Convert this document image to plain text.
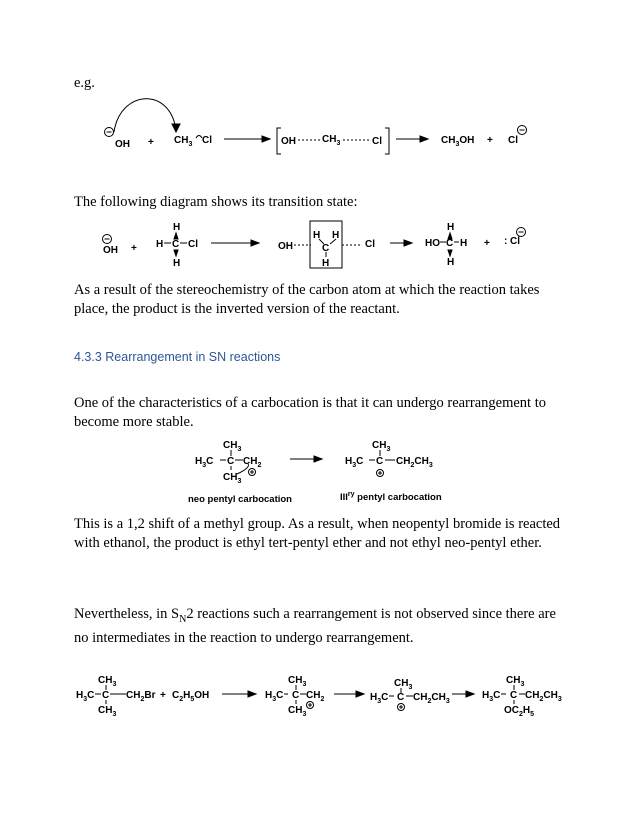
e.g.

OH + $CH_3$ Cl	OH	$CH_3$	Cl	$CH_3OH + Cl$

The following diagram shows its transition state:

OH +
H
H C Cl
H
OH
H H
C
H
Cl
H
HO C H
H
+ : Cl

As a result of the stereochemistry of the carbon atom at which the reaction takes place, the product is the inverted version of the reactant.

4.3.3 Rearrangement in SN reactions

One of the characteristics of a carbocation is that it can undergo rearrangement to become more stable.

$CH_3$
$H_3C$ C $CH_2$
$CH_3$
$CH_3$
$H_3C$ C $CH_2CH_3$
neo pentyl carbocation	$III^{ry}$ pentyl carbocation

This is a 1,2 shift of a methyl group. As a result, when neopentyl bromide is reacted with ethanol, the product is ethyl tert-pentyl ether and not ethyl neo-pentyl ether.

Nevertheless, in $S_N2$ reactions such a rearrangement is not observed since there are no intermediates in the reaction to undergo rearrangement.

$CH_3$
$H_3C$ C $CH_2Br$
$CH_3$
+ $C_2H_5OH$
$CH_3$
$H_3C$ C $CH_2$
$CH_3$
$CH_3$
$H_3C$ C $CH_2CH_3$
$CH_3$
$H_3C$ C $CH_2CH_3$
$OC_2H_5$
